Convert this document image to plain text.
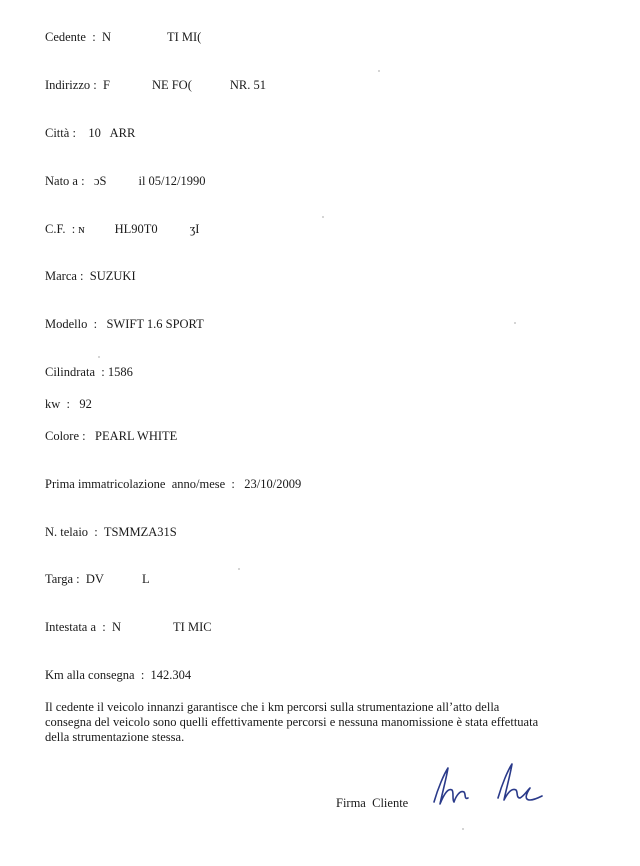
Cedente : N	TI MI(
Indirizzo : F	NE FO(	NR. 51
Città : 10 ARR
Nato a : ɔS	il 05/12/1990
C.F. : ɴ HL90T0	ʒI
Marca : SUZUKI
Modello : SWIFT 1.6 SPORT
Cilindrata : 1586
kw : 92
Colore : PEARL WHITE
Prima immatricolazione  anno/mese : 23/10/2009
N. telaio : TSMMZA31S
Targa : DV	L
Intestata a : N	TI MIC
Km alla consegna : 142.304
Il cedente il veicolo innanzi garantisce che i km percorsi sulla strumentazione all’atto della
consegna del veicolo sono quelli effettivamente percorsi e nessuna manomissione è stata effettuata
della strumentazione stessa.
Firma  Cliente
